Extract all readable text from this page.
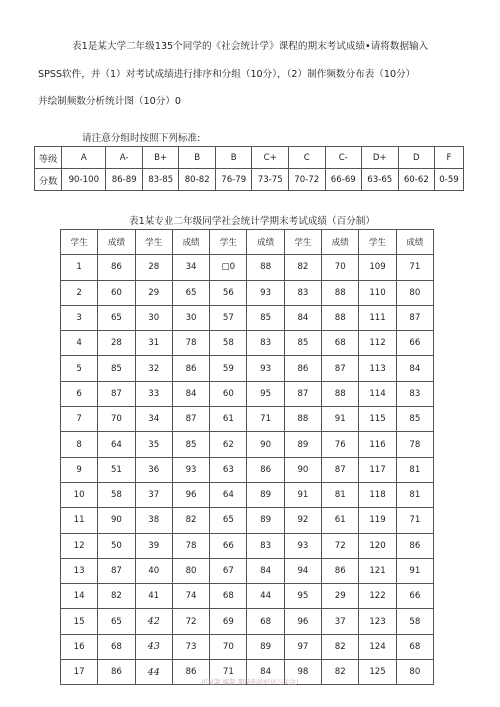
表1是某大学二年级135个同学的《社会统计学》课程的期末考试成绩•请将数据输入
SPSS软件，并（1）对考试成绩进行排序和分组（10分），（2）制作频数分布表（10分）
并绘制频数分析统计图（10分）0
请注意分组时按照下列标准:
等级	A	A-	B+	B	B	C+	C	C-	D+	D	F
分数	90-100	86-89	83-85	80-82	76-79	73-75	70-72	66-69	63-65	60-62	0-59
表1某专业二年级同学社会统计学期末考试成绩（百分制）
学生	成绩	学生	成绩	学生	成绩	学生	成绩	学生	成绩
1	86	28	34	□0	88	82	70	109	71
2	60	29	65	56	93	83	88	110	80
3	65	30	30	57	85	84	88	111	87
4	28	31	78	58	83	85	68	112	66
5	85	32	86	59	93	86	87	113	84
6	87	33	84	60	95	87	88	114	83
7	70	34	87	61	71	88	91	115	85
8	64	35	85	62	90	89	76	116	78
9	51	36	93	63	86	90	87	117	81
10	58	37	96	64	89	91	81	118	81
11	90	38	82	65	89	92	61	119	71
12	50	39	78	66	83	93	72	120	86
13	87	40	80	67	84	94	86	121	91
14	82	41	74	68	44	95	29	122	66
15	65	42	72	69	68	96	37	123	58
16	68	43	73	70	89	97	82	124	68
17	86	44	86	71	84	98	82	125	80
可复制 编制 期待你的好评与关注!
